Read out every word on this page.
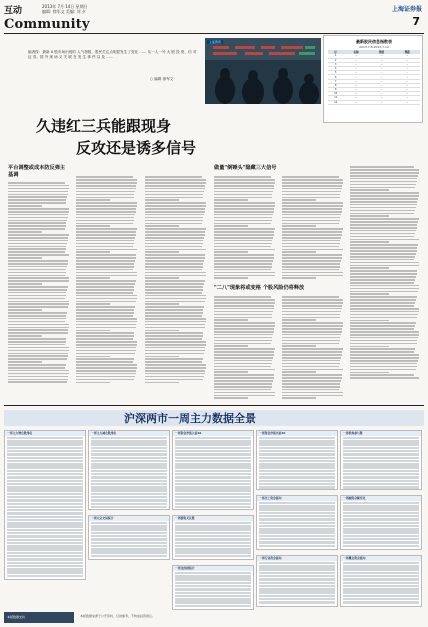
互动	2013年 7月 14日 星期日
编辑: 徐军文 美编: 刘 夕
Community
上海证券报
7
编者按：最新 A 股市场出现的 人气指数，股民关注点明显发生了变化 …… 从一人一号 大 股 投 资，信 对 证 券，国 外 现 场 又 关 联 在 发 生 事 件 以 及 ……
○ 编辑 徐军文
上证资讯	最新股民信息指数表
2013.7.8-2013.7.12
序	名称	数值	涨跌
1	—	—	—
2	—	—	—
3	—	—	—
4	—	—	—
5	—	—	—
6	—	—	—
7	—	—	—
8	—	—	—
9	—	—	—
10	—	—	—
11	—	—	—
12	—	—	—
久违红三兵能跟现身
反攻还是诱多信号
平台调整或成本防反弹主基调
做量"倒锤头"隐藏三大信号
"二八"现象将或变格 个股风险仍将释放
沪深两市一周主力数据全景
一周主力增仓股排名	一周主力减仓股排名	一周资金净流入前10	一周资金净流出前10	一周机构参与股
一周游资关注股
一周北上资金流向	一周融资余额变化
一周大宗交易统计
一周龙虎榜统计
一周行业资金流向	一周概念资金流向
本版数据支持	本版数据来源于公开资料，仅供参考，不构成投资建议。
